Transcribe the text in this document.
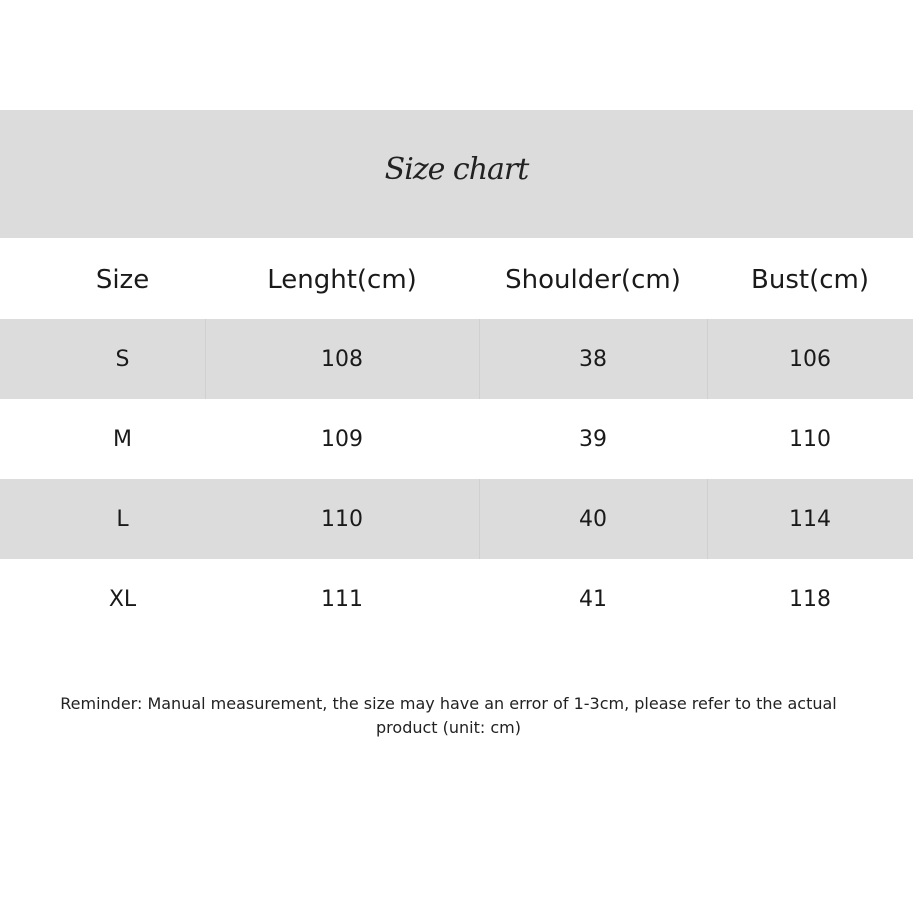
Size chart
Size	Lenght(cm)	Shoulder(cm)	Bust(cm)
S	108	38	106
M	109	39	110
L	110	40	114
XL	111	41	118
Reminder: Manual measurement, the size may have an error of 1-3cm, please refer to the actual product (unit: cm)
